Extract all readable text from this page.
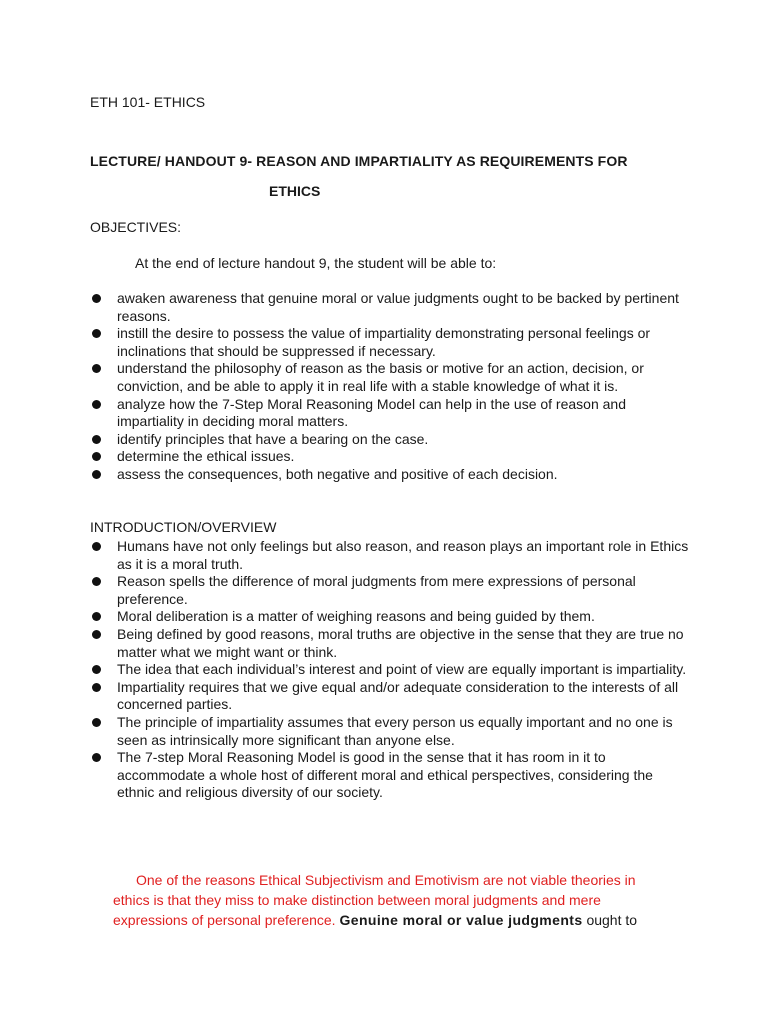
ETH 101- ETHICS
LECTURE/ HANDOUT 9- REASON AND IMPARTIALITY AS REQUIREMENTS FOR
ETHICS
OBJECTIVES:
At the end of lecture handout 9, the student will be able to:
awaken awareness that genuine moral or value judgments ought to be backed by pertinent reasons.
instill the desire to possess the value of impartiality demonstrating personal feelings or inclinations that should be suppressed if necessary.
understand the philosophy of reason as the basis or motive for an action, decision, or conviction, and be able to apply it in real life with a stable knowledge of what it is.
analyze how the 7-Step Moral Reasoning Model can help in the use of reason and impartiality in deciding moral matters.
identify principles that have a bearing on the case.
determine the ethical issues.
assess the consequences, both negative and positive of each decision.
INTRODUCTION/OVERVIEW
Humans have not only feelings but also reason, and reason plays an important role in Ethics as it is a moral truth.
Reason spells the difference of moral judgments from mere expressions of personal preference.
Moral deliberation is a matter of weighing reasons and being guided by them.
Being defined by good reasons, moral truths are objective in the sense that they are true no matter what we might want or think.
The idea that each individual’s interest and point of view are equally important is impartiality.
Impartiality requires that we give equal and/or adequate consideration to the interests of all concerned parties.
The principle of impartiality assumes that every person us equally important and no one is seen as intrinsically more significant than anyone else.
The 7-step Moral Reasoning Model is good in the sense that it has room in it to accommodate a whole host of different moral and ethical perspectives, considering the ethnic and religious diversity of our society.

One of the reasons Ethical Subjectivism and Emotivism are not viable theories in ethics is that they miss to make distinction between moral judgments and mere expressions of personal preference. Genuine moral or value judgments ought to
